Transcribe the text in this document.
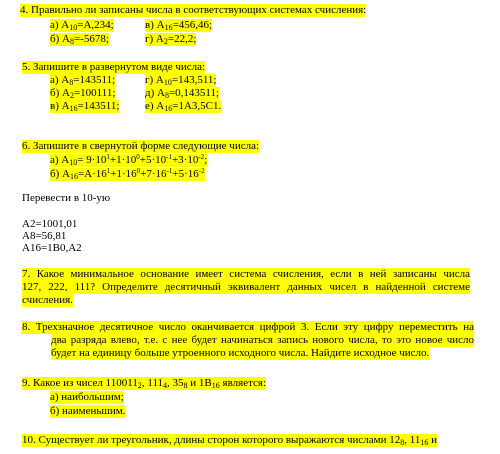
4. Правильно ли записаны числа в соответствующих системах счисления:
а) $A_{10}=A,234$;	в) $A_{16}=456,46$;
б) $A_8=-5678$;	г) $A_2=22,2$;
5. Запишите в развернутом виде числа:
а) $A_8=143511$;	г) $A_{10}=143,511$;
б) $A_2=100111$;	д) $A_8=0,143511$;
в) $A_{16}=143511$; е) $A_{16}=1A3,5C1$.
6. Запишите в свернутой форме следующие числа:
а) $A_{10}= 9\cdot 10^1+1\cdot 10^0+5\cdot 10^{-1}+3\cdot 10^{-2}$;
б) $A_{16}=A\cdot 16^1+1\cdot 16^0+7\cdot 16^{-1}+5\cdot 16^{-2}$
Перевести в 10-ую
A2=1001,01
A8=56,81
A16=1B0,A2
7. Какое минимальное основание имеет система счисления, если в ней записаны числа
127, 222, 111? Определите десятичный эквивалент данных чисел в найденной системе
счисления.
8. Трехзначное десятичное число оканчивается цифрой 3. Если эту цифру переместить на
два разряда влево, т.е. с нее будет начинаться запись нового числа, то это новое число
будет на единицу больше утроенного исходного числа. Найдите исходное число.
9. Какое из чисел $110011_2$, $111_4$, $35_8$ и $1B_{16}$ является:
а) наибольшим;
б) наименьшим.
10. Существует ли треугольник, длины сторон которого выражаются числами $12_8$, $11_{16}$ и
